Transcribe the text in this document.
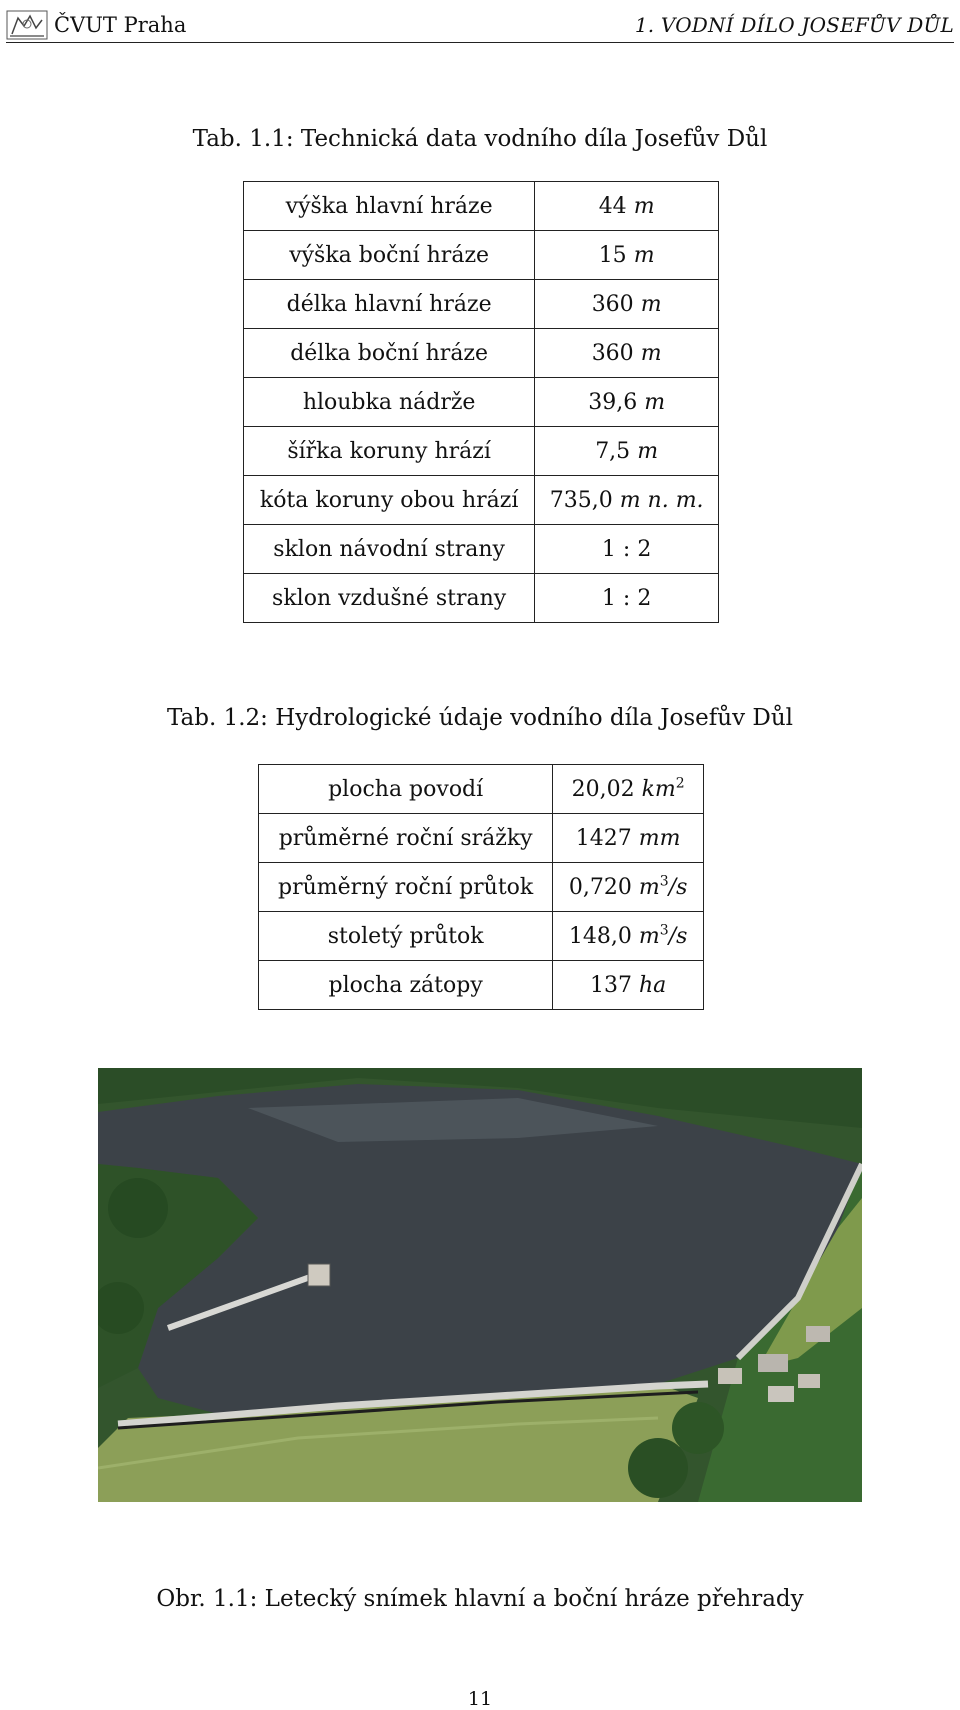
ČVUT Praha	1. VODNÍ DÍLO JOSEFŮV DŮL
Tab. 1.1: Technická data vodního díla Josefův Důl
výška hlavní hráze	44 m
výška boční hráze	15 m
délka hlavní hráze	360 m
délka boční hráze	360 m
hloubka nádrže	39,6 m
šířka koruny hrází	7,5 m
kóta koruny obou hrází	735,0 m n. m.
sklon návodní strany	1 : 2
sklon vzdušné strany	1 : 2
Tab. 1.2: Hydrologické údaje vodního díla Josefův Důl
plocha povodí	20,02 $km^2$
průměrné roční srážky	1427 mm
průměrný roční průtok	0,720 $m^3/s$
stoletý průtok	148,0 $m^3/s$
plocha zátopy	137 ha
Obr. 1.1: Letecký snímek hlavní a boční hráze přehrady
11
